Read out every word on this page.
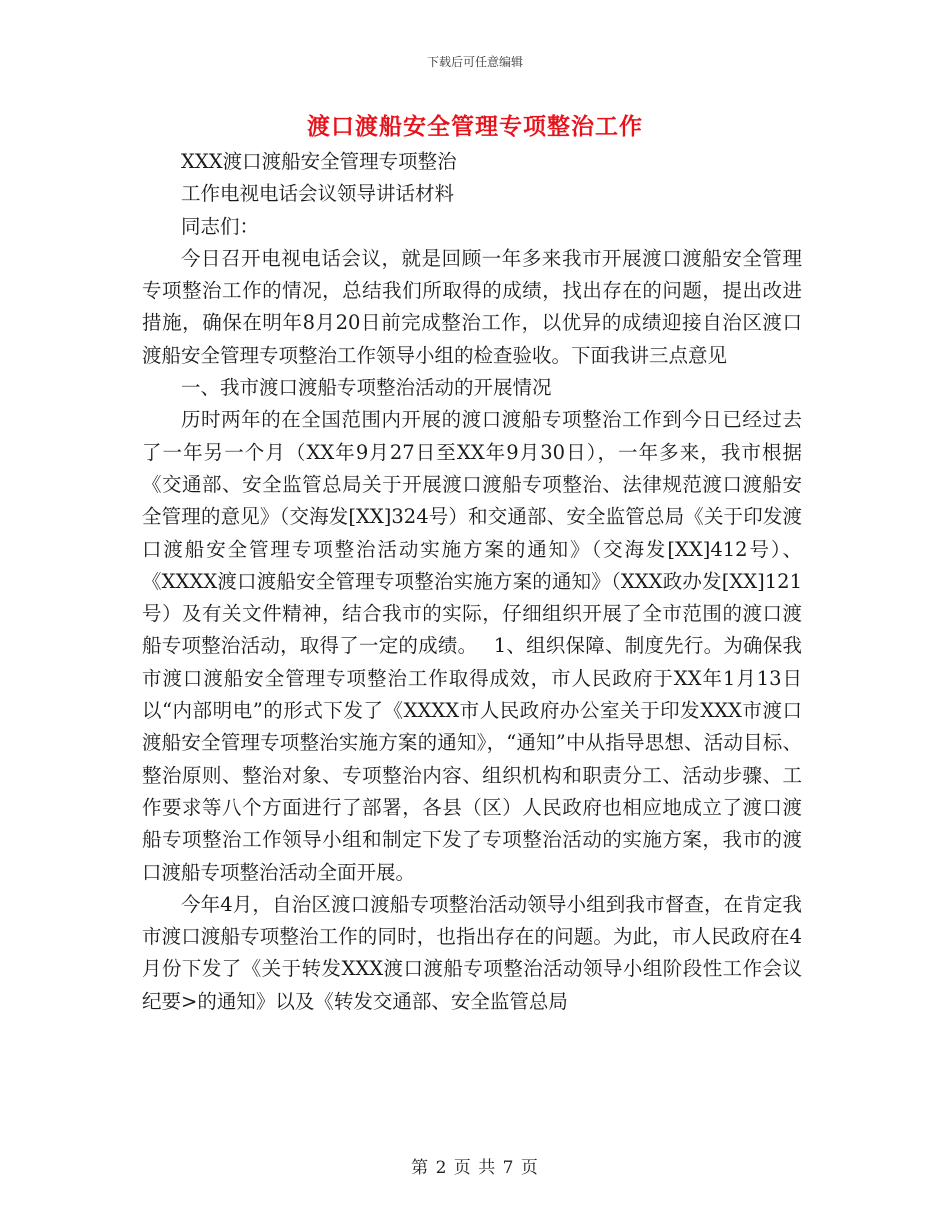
下载后可任意编辑
渡口渡船安全管理专项整治工作

XXX渡口渡船安全管理专项整治

工作电视电话会议领导讲话材料

同志们：

今日召开电视电话会议，就是回顾一年多来我市开展渡口渡船安全管理专项整治工作的情况，总结我们所取得的成绩，找出存在的问题，提出改进措施，确保在明年8月20日前完成整治工作，以优异的成绩迎接自治区渡口渡船安全管理专项整治工作领导小组的检查验收。下面我讲三点意见

一、我市渡口渡船专项整治活动的开展情况

历时两年的在全国范围内开展的渡口渡船专项整治工作到今日已经过去了一年另一个月（XX年9月27日至XX年9月30日），一年多来，我市根据《交通部、安全监管总局关于开展渡口渡船专项整治、法律规范渡口渡船安全管理的意见》（交海发[XX]324号）和交通部、安全监管总局《关于印发渡口渡船安全管理专项整治活动实施方案的通知》（交海发[XX]412号）、《XXXX渡口渡船安全管理专项整治实施方案的通知》（XXX政办发[XX]121号）及有关文件精神，结合我市的实际，仔细组织开展了全市范围的渡口渡船专项整治活动，取得了一定的成绩。　 1、组织保障、制度先行。为确保我市渡口渡船安全管理专项整治工作取得成效，市人民政府于XX年1月13日以“内部明电”的形式下发了《XXXX市人民政府办公室关于印发XXX市渡口渡船安全管理专项整治实施方案的通知》，“通知”中从指导思想、活动目标、整治原则、整治对象、专项整治内容、组织机构和职责分工、活动步骤、工作要求等八个方面进行了部署，各县（区）人民政府也相应地成立了渡口渡船专项整治工作领导小组和制定下发了专项整治活动的实施方案，我市的渡口渡船专项整治活动全面开展。

今年4月，自治区渡口渡船专项整治活动领导小组到我市督查，在肯定我市渡口渡船专项整治工作的同时，也指出存在的问题。为此，市人民政府在4月份下发了《关于转发XXX渡口渡船专项整治活动领导小组阶段性工作会议纪要>的通知》以及《转发交通部、安全监管总局

第 2 页 共 7 页
